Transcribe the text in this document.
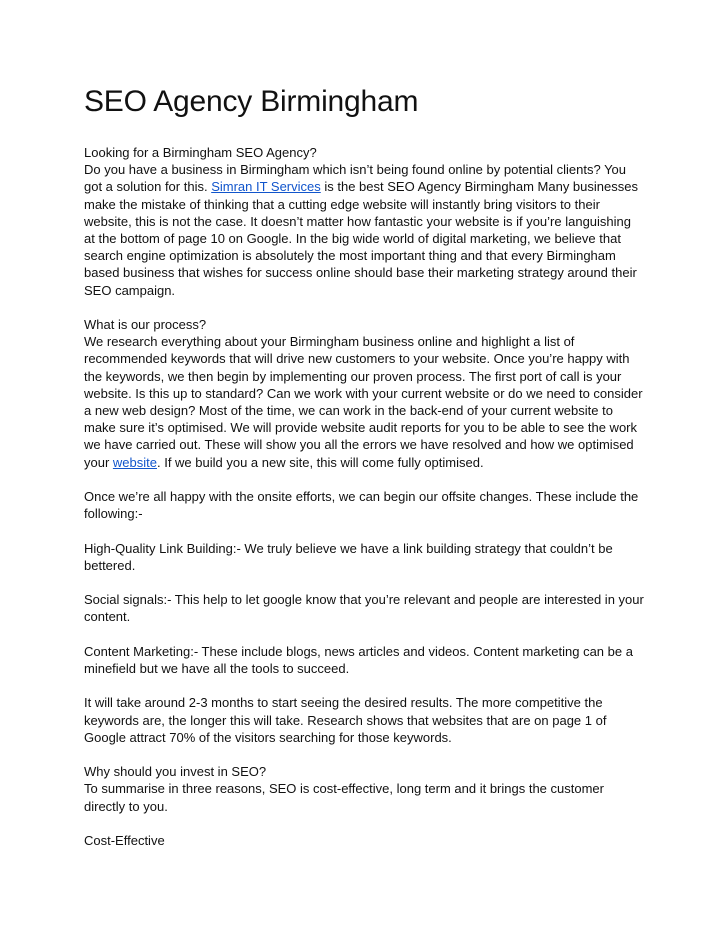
SEO Agency Birmingham

Looking for a Birmingham SEO Agency?

Do you have a business in Birmingham which isn’t being found online by potential clients? You got a solution for this. Simran IT Services is the best SEO Agency Birmingham Many businesses make the mistake of thinking that a cutting edge website will instantly bring visitors to their website, this is not the case. It doesn’t matter how fantastic your website is if you’re languishing at the bottom of page 10 on Google. In the big wide world of digital marketing, we believe that search engine optimization is absolutely the most important thing and that every Birmingham based business that wishes for success online should base their marketing strategy around their SEO campaign.

What is our process?

We research everything about your Birmingham business online and highlight a list of recommended keywords that will drive new customers to your website. Once you’re happy with the keywords, we then begin by implementing our proven process. The first port of call is your website. Is this up to standard? Can we work with your current website or do we need to consider a new web design? Most of the time, we can work in the back-end of your current website to make sure it’s optimised. We will provide website audit reports for you to be able to see the work we have carried out. These will show you all the errors we have resolved and how we optimised your website. If we build you a new site, this will come fully optimised.

Once we’re all happy with the onsite efforts, we can begin our offsite changes. These include the following:-

High-Quality Link Building:- We truly believe we have a link building strategy that couldn’t be bettered.

Social signals:- This help to let google know that you’re relevant and people are interested in your content.

Content Marketing:- These include blogs, news articles and videos. Content marketing can be a minefield but we have all the tools to succeed.

It will take around 2-3 months to start seeing the desired results. The more competitive the keywords are, the longer this will take. Research shows that websites that are on page 1 of Google attract 70% of the visitors searching for those keywords.

Why should you invest in SEO?

To summarise in three reasons, SEO is cost-effective, long term and it brings the customer directly to you.

Cost-Effective
